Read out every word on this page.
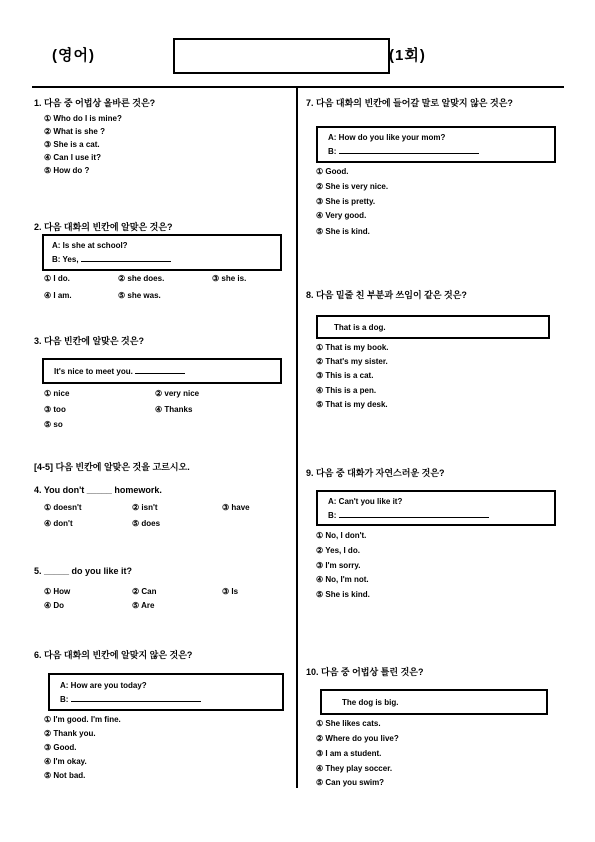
(영어)	(1회)
1. 다음 중 어법상 올바른 것은?
① Who do I is mine?
② What is she ?
③ She is a cat.
④ Can I use it?
⑤ How do ?
2. 다음 대화의 빈칸에 알맞은 것은?
A: Is she at school?
B: Yes,
① I do.	② she does.	③ she is.
④ I am.	⑤ she was.
3. 다음 빈칸에 알맞은 것은?
It's nice to meet you.
① nice	② very nice
③ too	④ Thanks
⑤ so
[4-5] 다음 빈칸에 알맞은 것을 고르시오.
4. You don't _____ homework.
① doesn't	② isn't	③ have
④ don't	⑤ does
5. _____ do you like it?
① How	② Can	③ Is
④ Do	⑤ Are
6. 다음 대화의 빈칸에 알맞지 않은 것은?
A: How are you today?
B:
① I'm good. I'm fine.
② Thank you.
③ Good.
④ I'm okay.
⑤ Not bad.
7. 다음 대화의 빈칸에 들어갈 말로 알맞지 않은 것은?
A: How do you like your mom?
B:
① Good.
② She is very nice.
③ She is pretty.
④ Very good.
⑤ She is kind.
8. 다음 밑줄 친 부분과 쓰임이 같은 것은?
That is a dog.
① That is my book.
② That's my sister.
③ This is a cat.
④ This is a pen.
⑤ That is my desk.
9. 다음 중 대화가 자연스러운 것은?
A: Can't you like it?
B:
① No, I don't.
② Yes, I do.
③ I'm sorry.
④ No, I'm not.
⑤ She is kind.
10. 다음 중 어법상 틀린 것은?
The dog is big.
① She likes cats.
② Where do you live?
③ I am a student.
④ They play soccer.
⑤ Can you swim?
